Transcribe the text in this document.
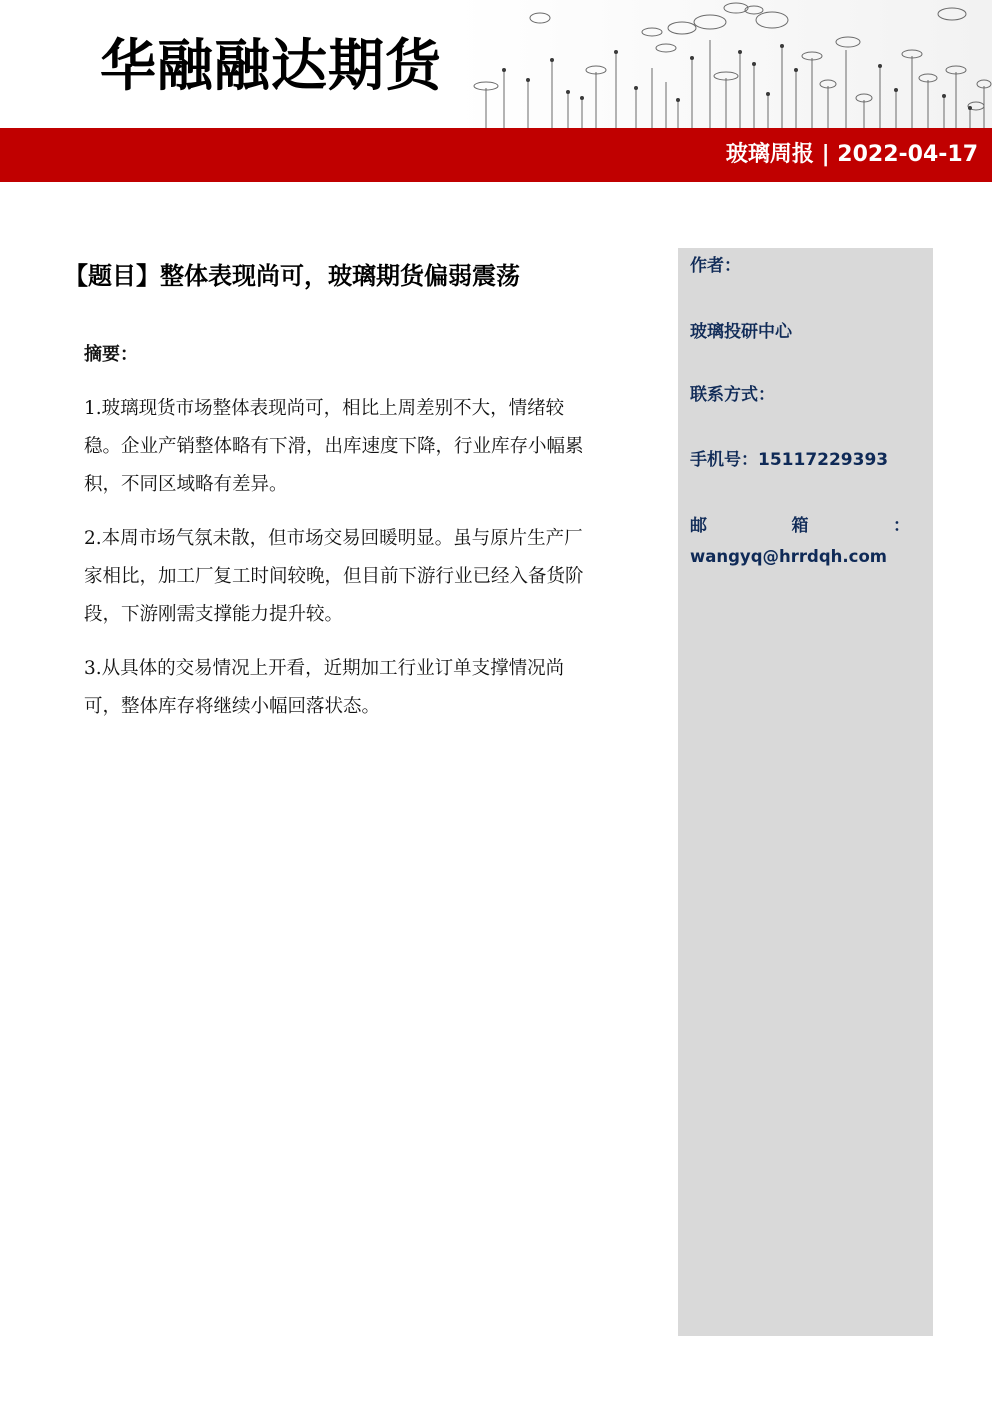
华融融达期货
玻璃周报 | 2022-04-17
【题目】整体表现尚可，玻璃期货偏弱震荡
摘要：

1.玻璃现货市场整体表现尚可，相比上周差别不大，情绪较稳。企业产销整体略有下滑，出库速度下降，行业库存小幅累积，不同区域略有差异。

2.本周市场气氛未散，但市场交易回暖明显。虽与原片生产厂家相比，加工厂复工时间较晚，但目前下游行业已经入备货阶段，下游刚需支撑能力提升较。

3.从具体的交易情况上开看，近期加工行业订单支撑情况尚可，整体库存将继续小幅回落状态。

作者：

玻璃投研中心

联系方式：

手机号：15117229393

邮	箱	：

wangyq@hrrdqh.com
